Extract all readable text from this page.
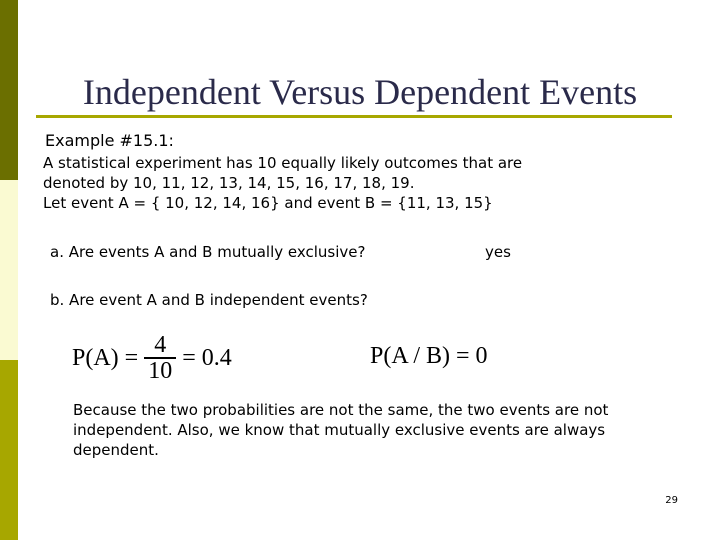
Independent Versus Dependent Events
Example #15.1:
A statistical experiment has 10 equally likely outcomes that are
denoted by 10, 11, 12, 13, 14, 15, 16, 17, 18, 19.
Let event A = { 10, 12, 14, 16} and event B = {11, 13, 15}
a. Are events A and B mutually exclusive?	yes
b. Are event A and B independent events?
$P(A) = \frac{4}{10} = 0.4$	P(A / B) = 0
Because the two probabilities are not the same, the two events are not independent. Also, we know that mutually exclusive events are always dependent.
29
